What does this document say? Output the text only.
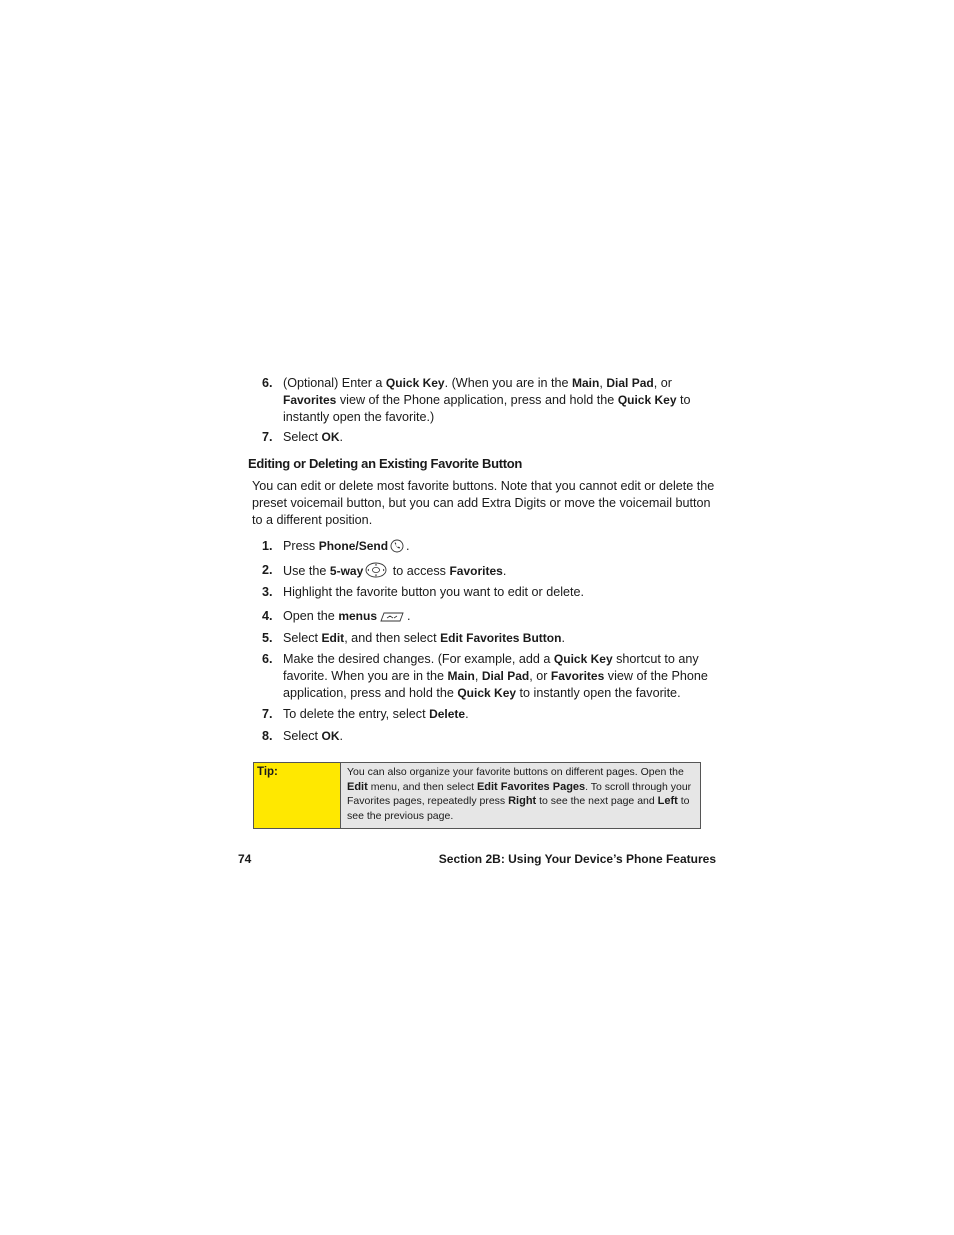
6. (Optional) Enter a Quick Key. (When you are in the Main, Dial Pad, or Favorites view of the Phone application, press and hold the Quick Key to instantly open the favorite.)
7. Select OK.
Editing or Deleting an Existing Favorite Button
You can edit or delete most favorite buttons. Note that you cannot edit or delete the preset voicemail button, but you can add Extra Digits or move the voicemail button to a different position.
1. Press Phone/Send .
2. Use the 5-way to access Favorites.
3. Highlight the favorite button you want to edit or delete.
4. Open the menus .
5. Select Edit, and then select Edit Favorites Button.
6. Make the desired changes. (For example, add a Quick Key shortcut to any favorite. When you are in the Main, Dial Pad, or Favorites view of the Phone application, press and hold the Quick Key to instantly open the favorite.
7. To delete the entry, select Delete.
8. Select OK.
Tip:	You can also organize your favorite buttons on different pages. Open the Edit menu, and then select Edit Favorites Pages. To scroll through your Favorites pages, repeatedly press Right to see the next page and Left to see the previous page.
74	Section 2B: Using Your Device’s Phone Features
